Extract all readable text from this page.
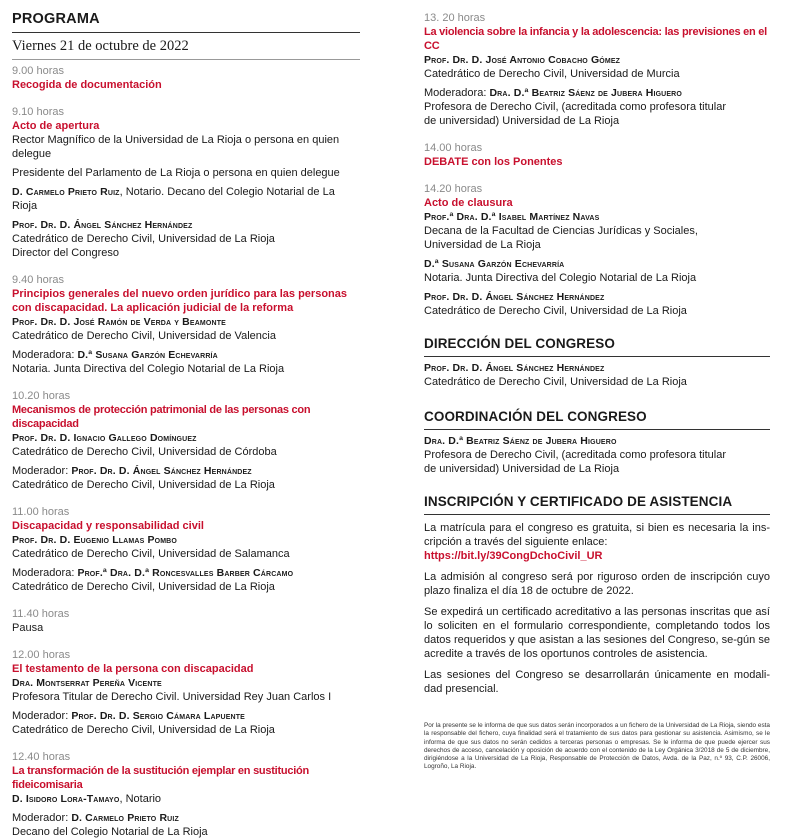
PROGRAMA
Viernes 21 de octubre de 2022
9.00 horas
Recogida de documentación
9.10 horas
Acto de apertura
Rector Magnífico de la Universidad de La Rioja o persona en quien delegue
Presidente del Parlamento de La Rioja o persona en quien delegue
D. Carmelo Prieto Ruiz, Notario. Decano del Colegio Notarial de La Rioja
Prof. Dr. D. Ángel Sánchez Hernández
Catedrático de Derecho Civil, Universidad de La Rioja
Director del Congreso
9.40 horas
Principios generales del nuevo orden jurídico para las personas
con discapacidad. La aplicación judicial de la reforma
Prof. Dr. D. José Ramón de Verda y Beamonte
Catedrático de Derecho Civil, Universidad de Valencia
Moderadora: D.ª Susana Garzón Echevarría
Notaria. Junta Directiva del Colegio Notarial de La Rioja
10.20 horas
Mecanismos de protección patrimonial de las personas con discapacidad
Prof. Dr. D. Ignacio Gallego Domínguez
Catedrático de Derecho Civil, Universidad de Córdoba
Moderador: Prof. Dr. D. Ángel Sánchez Hernández
Catedrático de Derecho Civil, Universidad de La Rioja
11.00 horas
Discapacidad y responsabilidad civil
Prof. Dr. D. Eugenio Llamas Pombo
Catedrático de Derecho Civil, Universidad de Salamanca
Moderadora: Prof.ª Dra. D.ª Roncesvalles Barber Cárcamo
Catedrático de Derecho Civil, Universidad de La Rioja
11.40 horas
Pausa
12.00 horas
El testamento de la persona con discapacidad
Dra. Montserrat Pereña Vicente
Profesora Titular de Derecho Civil. Universidad Rey Juan Carlos I
Moderador: Prof. Dr. D. Sergio Cámara Lapuente
Catedrático de Derecho Civil, Universidad de La Rioja
12.40 horas
La transformación de la sustitución ejemplar en sustitución fideicomisaria
D. Isidoro Lora-Tamayo, Notario
Moderador: D. Carmelo Prieto Ruiz
Decano del Colegio Notarial de La Rioja
13. 20 horas
La violencia sobre la infancia y la adolescencia: las previsiones en el CC
Prof. Dr. D. José Antonio Cobacho Gómez
Catedrático de Derecho Civil, Universidad de Murcia
Moderadora: Dra. D.ª Beatriz Sáenz de Jubera Higuero
Profesora de Derecho Civil, (acreditada como profesora titular
de universidad) Universidad de La Rioja
14.00 horas
DEBATE con los Ponentes
14.20 horas
Acto de clausura
Prof.ª Dra. D.ª Isabel Martínez Navas
Decana de la Facultad de Ciencias Jurídicas y Sociales,
Universidad de La Rioja
D.ª Susana Garzón Echevarría
Notaria. Junta Directiva del Colegio Notarial de La Rioja
Prof. Dr. D. Ángel Sánchez Hernández
Catedrático de Derecho Civil, Universidad de La Rioja
DIRECCIÓN DEL CONGRESO
Prof. Dr. D. Ángel Sánchez Hernández
Catedrático de Derecho Civil, Universidad de La Rioja
COORDINACIÓN DEL CONGRESO
Dra. D.ª Beatriz Sáenz de Jubera Higuero
Profesora de Derecho Civil, (acreditada como profesora titular
de universidad) Universidad de La Rioja
INSCRIPCIÓN Y CERTIFICADO DE ASISTENCIA
La matrícula para el congreso es gratuita, si bien es necesaria la ins-cripción a través del siguiente enlace:
https://bit.ly/39CongDchoCivil_UR
La admisión al congreso será por riguroso orden de inscripción cuyo plazo finaliza el día 18 de octubre de 2022.
Se expedirá un certificado acreditativo a las personas inscritas que así lo soliciten en el formulario correspondiente, completando todos los datos requeridos y que asistan a las sesiones del Congreso, se-gún se acredite a través de los oportunos controles de asistencia.
Las sesiones del Congreso se desarrollarán únicamente en modali-dad presencial.
Por la presente se le informa de que sus datos serán incorporados a un fichero de la Universidad de La Rioja, siendo esta la responsable del fichero, cuya finalidad será el tratamiento de sus datos para gestionar su asistencia. Asimismo, se le informa de que sus datos no serán cedidos a terceras personas o empresas. Se le informa de que puede ejercer sus derechos de acceso, cancelación y oposición de acuerdo con el contenido de la Ley Orgánica 3/2018 de 5 de diciembre, dirigiéndose a la Universidad de La Rioja, Responsable de Protección de Datos, Avda. de la Paz, n.º 93, C.P. 26006, Logroño, La Rioja.
